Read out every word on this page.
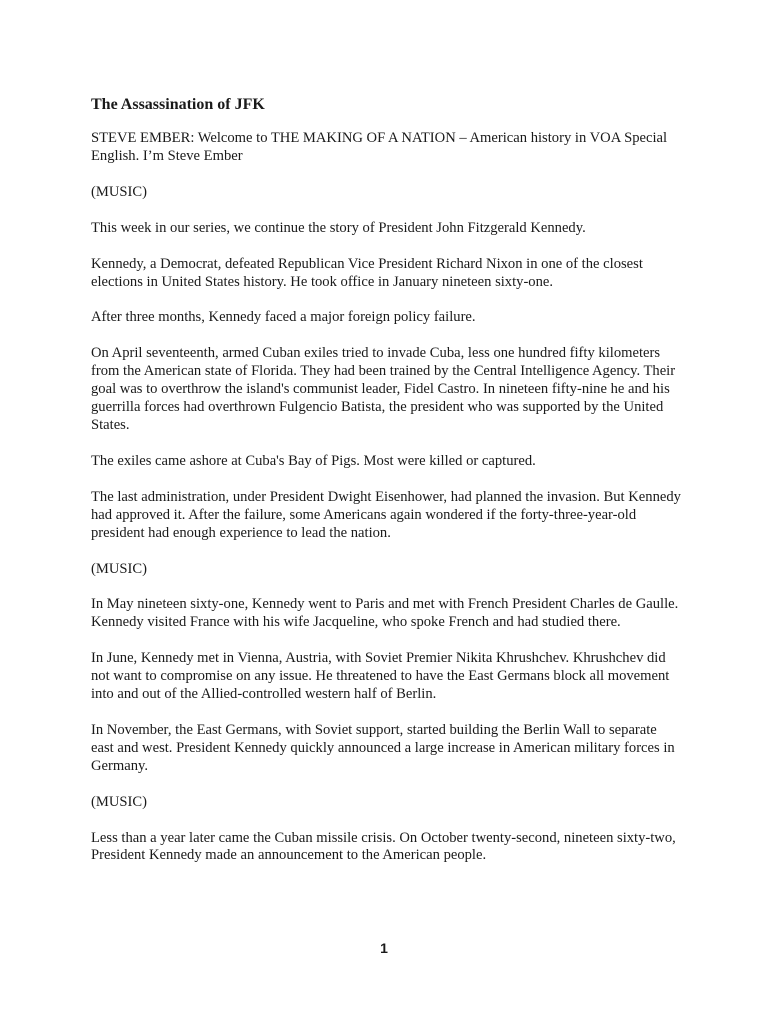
The Assassination of JFK

STEVE EMBER: Welcome to THE MAKING OF A NATION – American history in VOA Special English. I’m Steve Ember

(MUSIC)

This week in our series, we continue the story of President John Fitzgerald Kennedy.

Kennedy, a Democrat, defeated Republican Vice President Richard Nixon in one of the closest elections in United States history. He took office in January nineteen sixty-one.

After three months, Kennedy faced a major foreign policy failure.

On April seventeenth, armed Cuban exiles tried to invade Cuba, less one hundred fifty kilometers from the American state of Florida. They had been trained by the Central Intelligence Agency. Their goal was to overthrow the island's communist leader, Fidel Castro. In nineteen fifty-nine he and his guerrilla forces had overthrown Fulgencio Batista, the president who was supported by the United States.

The exiles came ashore at Cuba's Bay of Pigs. Most were killed or captured.

The last administration, under President Dwight Eisenhower, had planned the invasion. But Kennedy had approved it. After the failure, some Americans again wondered if the forty-three-year-old president had enough experience to lead the nation.

(MUSIC)

In May nineteen sixty-one, Kennedy went to Paris and met with French President Charles de Gaulle. Kennedy visited France with his wife Jacqueline, who spoke French and had studied there.

In June, Kennedy met in Vienna, Austria, with Soviet Premier Nikita Khrushchev. Khrushchev did not want to compromise on any issue. He threatened to have the East Germans block all movement into and out of the Allied-controlled western half of Berlin.

In November, the East Germans, with Soviet support, started building the Berlin Wall to separate east and west. President Kennedy quickly announced a large increase in American military forces in Germany.

(MUSIC)

Less than a year later came the Cuban missile crisis. On October twenty-second, nineteen sixty-two, President Kennedy made an announcement to the American people.

1
